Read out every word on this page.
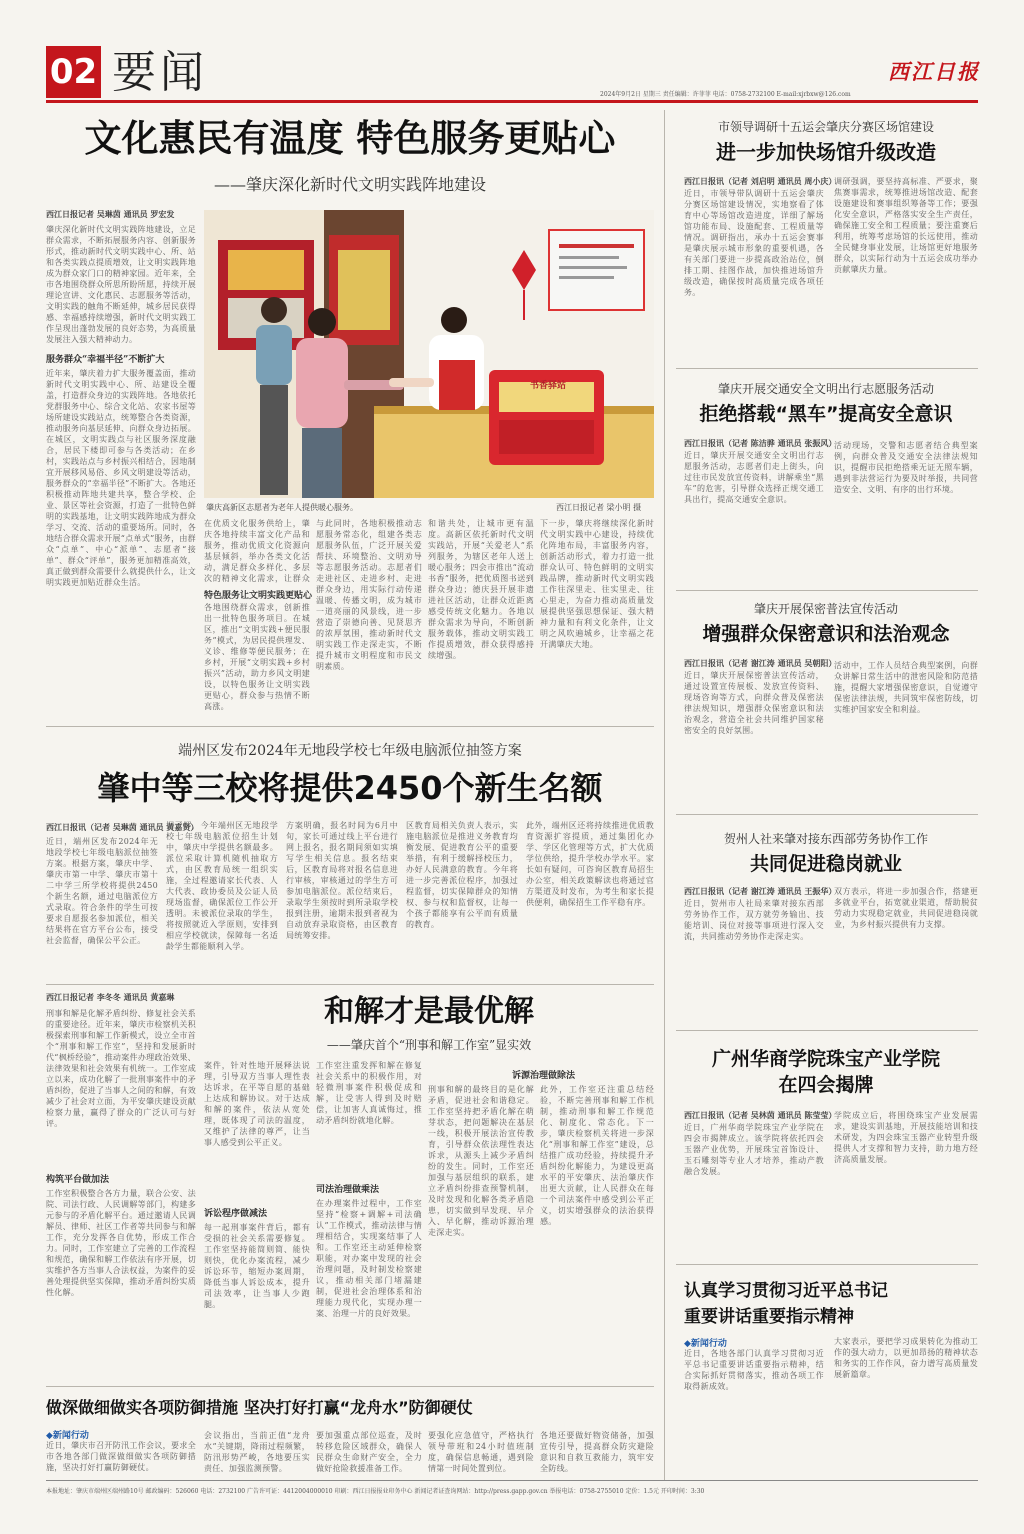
02 要闻	2024年9月2日 星期三 责任编辑：许菲菲 电话：0758-2732100 E-mail:xjrbxw@126.com
西江日报
文化惠民有温度 特色服务更贴心
——肇庆深化新时代文明实践阵地建设
西江日报记者 吴琳茵 通讯员 罗宏发
肇庆深化新时代文明实践阵地建设，立足群众需求，不断拓展服务内容、创新服务形式，推动新时代文明实践中心、所、站和各类实践点提质增效，让文明实践阵地成为群众家门口的精神家园。近年来，全市各地围绕群众所思所盼所愿，持续开展理论宣讲、文化惠民、志愿服务等活动，文明实践的触角不断延伸，城乡居民获得感、幸福感持续增强，新时代文明实践工作呈现出蓬勃发展的良好态势，为高质量发展注入强大精神动力。
服务群众“幸福半径”不断扩大
近年来，肇庆着力扩大服务覆盖面，推动新时代文明实践中心、所、站建设全覆盖，打造群众身边的实践阵地。各地依托党群服务中心、综合文化站、农家书屋等场所建设实践站点，统筹整合各类资源，推动服务向基层延伸、向群众身边拓展。在城区，文明实践点与社区服务深度融合，居民下楼即可参与各类活动；在乡村，实践站点与乡村振兴相结合，因地制宜开展移风易俗、乡风文明建设等活动，服务群众的“幸福半径”不断扩大。各地还积极推动阵地共建共享，整合学校、企业、景区等社会资源，打造了一批特色鲜明的实践基地，让文明实践阵地成为群众学习、交流、活动的重要场所。同时，各地结合群众需求开展“点单式”服务，由群众“点单”、中心“派单”、志愿者“接单”、群众“评单”，服务更加精准高效，真正做到群众需要什么就提供什么，让文明实践更加贴近群众生活。
书香驿站
肇庆高新区志愿者为老年人提供暖心服务。	西江日报记者 梁小明 摄
在优质文化服务供给上，肇庆各地持续丰富文化产品和服务，推动优质文化资源向基层倾斜，举办各类文化活动，满足群众多样化、多层次的精神文化需求，让群众
特色服务让文明实践更贴心
各地围绕群众需求，创新推出一批特色服务项目。在城区，推出“文明实践+便民服务”模式，为居民提供理发、义诊、维修等便民服务；在乡村，开展“文明实践+乡村振兴”活动，助力乡风文明建设，以特色服务让文明实践更贴心，群众参与热情不断高涨。
与此同时，各地积极推动志愿服务常态化，组建各类志愿服务队伍，广泛开展关爱帮扶、环境整治、文明劝导等志愿服务活动。志愿者们走进社区、走进乡村、走进群众身边，用实际行动传递温暖、传播文明，成为城市一道亮丽的风景线，进一步营造了崇德向善、见贤思齐的浓厚氛围，推动新时代文明实践工作走深走实，不断提升城市文明程度和市民文明素质。
和谐共处，让城市更有温度。高新区依托新时代文明实践站，开展“关爱老人”系列服务，为辖区老年人送上暖心服务；四会市推出“流动书香”服务，把优质图书送到群众身边；德庆县开展非遗进社区活动，让群众近距离感受传统文化魅力。各地以群众需求为导向，不断创新服务载体，推动文明实践工作提质增效，群众获得感持续增强。
下一步，肇庆将继续深化新时代文明实践中心建设，持续优化阵地布局，丰富服务内容，创新活动形式，着力打造一批群众认可、特色鲜明的文明实践品牌，推动新时代文明实践工作往深里走、往实里走、往心里走，为奋力推动高质量发展提供坚强思想保证、强大精神力量和有利文化条件，让文明之风吹遍城乡，让幸福之花开满肇庆大地。
端州区发布2024年无地段学校七年级电脑派位抽签方案
肇中等三校将提供2450个新生名额
西江日报讯（记者 吴琳茵 通讯员 黄嘉贤）
近日，端州区发布2024年无地段学校七年级电脑派位抽签方案。根据方案，肇庆中学、肇庆市第一中学、肇庆市第十二中学三所学校将提供2450个新生名额，通过电脑派位方式录取。符合条件的学生可按要求自愿报名参加派位，相关结果将在官方平台公布，接受社会监督，确保公平公正。
据了解，今年端州区无地段学校七年级电脑派位招生计划中，肇庆中学提供名额最多。派位采取计算机随机抽取方式，由区教育局统一组织实施，全过程邀请家长代表、人大代表、政协委员及公证人员现场监督，确保派位工作公开透明。未被派位录取的学生，将按照就近入学原则，安排到相应学校就读，保障每一名适龄学生都能顺利入学。
方案明确，报名时间为6月中旬，家长可通过线上平台进行网上报名，报名期间须如实填写学生相关信息。报名结束后，区教育局将对报名信息进行审核，审核通过的学生方可参加电脑派位。派位结束后，录取学生须按时到所录取学校报到注册，逾期未报到者视为自动放弃录取资格，由区教育局统筹安排。
区教育局相关负责人表示，实施电脑派位是推进义务教育均衡发展、促进教育公平的重要举措，有利于缓解择校压力，办好人民满意的教育。今年将进一步完善派位程序，加强过程监督，切实保障群众的知情权、参与权和监督权，让每一个孩子都能享有公平而有质量的教育。
此外，端州区还将持续推进优质教育资源扩容提质，通过集团化办学、学区化管理等方式，扩大优质学位供给，提升学校办学水平。家长如有疑问，可咨询区教育局招生办公室，相关政策解读也将通过官方渠道及时发布，为考生和家长提供便利，确保招生工作平稳有序。
西江日报记者 李冬冬 通讯员 黄嘉琳
刑事和解是化解矛盾纠纷、修复社会关系的重要途径。近年来，肇庆市检察机关积极探索刑事和解工作新模式，设立全市首个“刑事和解工作室”，坚持和发展新时代“枫桥经验”，推动案件办理政治效果、法律效果和社会效果有机统一。工作室成立以来，成功化解了一批刑事案件中的矛盾纠纷，促进了当事人之间的和解，有效减少了社会对立面，为平安肇庆建设贡献检察力量，赢得了群众的广泛认可与好评。
构筑平台做加法
工作室积极整合各方力量，联合公安、法院、司法行政、人民调解等部门，构建多元参与的矛盾化解平台。通过邀请人民调解员、律师、社区工作者等共同参与和解工作，充分发挥各自优势，形成工作合力。同时，工作室建立了完善的工作流程和规范，确保和解工作依法有序开展，切实维护各方当事人合法权益，为案件的妥善处理提供坚实保障，推动矛盾纠纷实质性化解。
案件，针对性地开展释法说理，引导双方当事人理性表达诉求，在平等自愿的基础上达成和解协议。对于达成和解的案件，依法从宽处理，既体现了司法的温度，又维护了法律的尊严，让当事人感受到公平正义。
诉讼程序做减法
每一起刑事案件背后，都有受损的社会关系需要修复。工作室坚持能简则简、能快则快，优化办案流程，减少诉讼环节，缩短办案周期，降低当事人诉讼成本，提升司法效率，让当事人少跑腿。
工作室注重发挥和解在修复社会关系中的积极作用，对轻微刑事案件积极促成和解，让受害人得到及时赔偿，让加害人真诚悔过，推动矛盾纠纷就地化解。
司法治理做乘法
在办理案件过程中，工作室坚持“检察+调解+司法确认”工作模式，推动法律与情理相结合，实现案结事了人和。工作室还主动延伸检察职能，对办案中发现的社会治理问题，及时制发检察建议，推动相关部门堵漏建制，促进社会治理体系和治理能力现代化，实现办理一案、治理一片的良好效果。
诉源治理做除法
刑事和解的最终目的是化解矛盾，促进社会和谐稳定。工作室坚持把矛盾化解在萌芽状态，把问题解决在基层一线，积极开展法治宣传教育，引导群众依法理性表达诉求，从源头上减少矛盾纠纷的发生。同时，工作室还加强与基层组织的联系，建立矛盾纠纷排查预警机制，及时发现和化解各类矛盾隐患，切实做到早发现、早介入、早化解，推动诉源治理走深走实。
此外，工作室还注重总结经验，不断完善刑事和解工作机制，推动刑事和解工作规范化、制度化、常态化。下一步，肇庆检察机关将进一步深化“刑事和解工作室”建设，总结推广成功经验，持续提升矛盾纠纷化解能力，为建设更高水平的平安肇庆、法治肇庆作出更大贡献，让人民群众在每一个司法案件中感受到公平正义，切实增强群众的法治获得感。
和解才是最优解
——肇庆首个“刑事和解工作室”显实效
做深做细做实各项防御措施 坚决打好打赢“龙舟水”防御硬仗
◆新闻行动
近日，肇庆市召开防汛工作会议，要求全市各地各部门做深做细做实各项防御措施，坚决打好打赢防御硬仗。
会议指出，当前正值“龙舟水”关键期，降雨过程频繁，防汛形势严峻，各地要压实责任，加强监测预警。
要加强重点部位巡查，及时转移危险区域群众，确保人民群众生命财产安全，全力做好抢险救援准备工作。
要强化应急值守，严格执行领导带班和24小时值班制度，确保信息畅通，遇到险情第一时间处置到位。
各地还要做好物资储备，加强宣传引导，提高群众防灾避险意识和自救互救能力，筑牢安全防线。
市领导调研十五运会肇庆分赛区场馆建设
进一步加快场馆升级改造
西江日报讯（记者 刘启明 通讯员 周小庆）
近日，市领导带队调研十五运会肇庆分赛区场馆建设情况，实地察看了体育中心等场馆改造进度，详细了解场馆功能布局、设施配套、工程质量等情况。调研指出，承办十五运会赛事是肇庆展示城市形象的重要机遇，各有关部门要进一步提高政治站位，倒排工期、挂图作战，加快推进场馆升级改造，确保按时高质量完成各项任务。
调研强调，要坚持高标准、严要求，聚焦赛事需求，统筹推进场馆改造、配套设施建设和赛事组织筹备等工作；要强化安全意识，严格落实安全生产责任，确保施工安全和工程质量；要注重赛后利用，统筹考虑场馆的长远使用，推动全民健身事业发展，让场馆更好地服务群众，以实际行动为十五运会成功举办贡献肇庆力量。
肇庆开展交通安全文明出行志愿服务活动
拒绝搭载“黑车”提高安全意识
西江日报讯（记者 陈洁骅 通讯员 张振风）
近日，肇庆开展交通安全文明出行志愿服务活动，志愿者们走上街头，向过往市民发放宣传资料，讲解乘坐“黑车”的危害，引导群众选择正规交通工具出行，提高交通安全意识。
活动现场，交警和志愿者结合典型案例，向群众普及交通安全法律法规知识，提醒市民拒绝搭乘无证无照车辆，遇到非法营运行为要及时举报，共同营造安全、文明、有序的出行环境。
肇庆开展保密普法宣传活动
增强群众保密意识和法治观念
西江日报讯（记者 谢江涛 通讯员 吴朝阳）
近日，肇庆开展保密普法宣传活动，通过设置宣传展板、发放宣传资料、现场咨询等方式，向群众普及保密法律法规知识，增强群众保密意识和法治观念，营造全社会共同维护国家秘密安全的良好氛围。
活动中，工作人员结合典型案例，向群众讲解日常生活中的泄密风险和防范措施，提醒大家增强保密意识，自觉遵守保密法律法规，共同筑牢保密防线，切实维护国家安全和利益。
贺州人社来肇对接东西部劳务协作工作
共同促进稳岗就业
西江日报讯（记者 谢江涛 通讯员 王振华）
近日，贺州市人社局来肇对接东西部劳务协作工作，双方就劳务输出、技能培训、岗位对接等事项进行深入交流，共同推动劳务协作走深走实。
双方表示，将进一步加强合作，搭建更多就业平台，拓宽就业渠道，帮助脱贫劳动力实现稳定就业，共同促进稳岗就业，为乡村振兴提供有力支撑。
广州华商学院珠宝产业学院
在四会揭牌
西江日报讯（记者 吴林茵 通讯员 陈莹莹）
近日，广州华商学院珠宝产业学院在四会市揭牌成立。该学院将依托四会玉器产业优势，开展珠宝首饰设计、玉石雕刻等专业人才培养，推动产教融合发展。
学院成立后，将围绕珠宝产业发展需求，建设实训基地，开展技能培训和技术研发，为四会珠宝玉器产业转型升级提供人才支撑和智力支持，助力地方经济高质量发展。
认真学习贯彻习近平总书记
重要讲话重要指示精神
◆新闻行动
近日，各地各部门认真学习贯彻习近平总书记重要讲话重要指示精神，结合实际抓好贯彻落实，推动各项工作取得新成效。
大家表示，要把学习成果转化为推动工作的强大动力，以更加昂扬的精神状态和务实的工作作风，奋力谱写高质量发展新篇章。
本报地址：肇庆市端州区端州路10号 邮政编码：526060 电话：2732100 广告许可证：4412004000010 印刷：西江日报报业印务中心 新闻记者证查询网站：http://press.gapp.gov.cn 举报电话：0758-2755010 定价：1.5元 开印时间：3:30
